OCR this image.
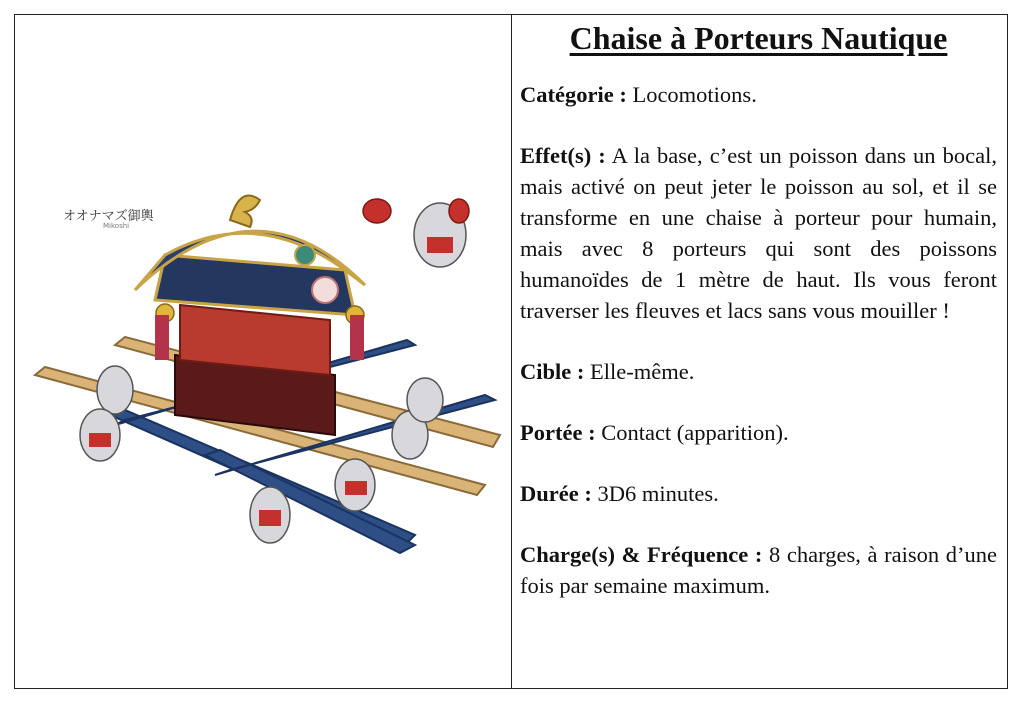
オオナマズ御輿
Mikoshi
Chaise à Porteurs Nautique

Catégorie : Locomotions.

Effet(s) : A la base, c’est un poisson dans un bocal, mais activé on peut jeter le poisson au sol, et il se transforme en une chaise à porteur pour humain, mais avec 8 porteurs qui sont des poissons humanoïdes de 1 mètre de haut. Ils vous feront traverser les fleuves et lacs sans vous mouiller !

Cible : Elle-même.

Portée : Contact (apparition).

Durée : 3D6 minutes.

Charge(s) & Fréquence : 8 charges, à raison d’une fois par semaine maximum.
